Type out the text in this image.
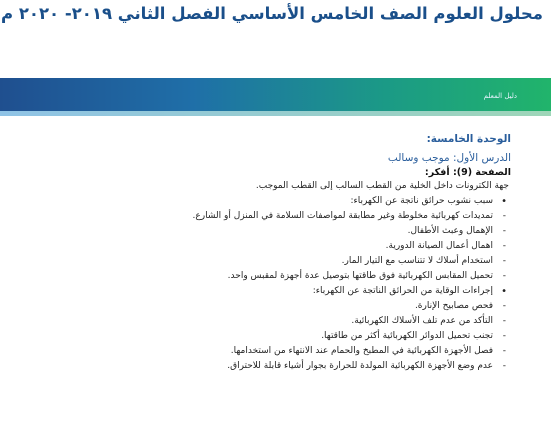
محلول العلوم الصف الخامس الأساسي الفصل الثاني ٢٠١٩- ٢٠٢٠ م
دليل المعلم
الوحدة الخامسة:
الدرس الأول: موجب وسالب
الصفحة (9): أفكر:
جهة الكترونات داخل الخلية من القطب السالب إلى القطب الموجب.
• سبب نشوب حرائق ناتجة عن الكهرباء:
- تمديدات كهربائية مخلوطة وغير مطابقة لمواصفات السلامة في المنزل أو الشارع.
- الإهمال وعبث الأطفال.
- اهمال أعمال الصيانة الدورية.
- استخدام أسلاك لا تتناسب مع التيار المار.
- تحميل المقابس الكهربائية فوق طاقتها بتوصيل عدة أجهزة لمقبس واحد.
• إجراءات الوقاية من الحرائق الناتجة عن الكهرباء:
- فحص مصابيح الإنارة.
- التأكد من عدم تلف الأسلاك الكهربائية.
- تجنب تحميل الدوائر الكهربائية أكثر من طاقتها.
- فصل الأجهزة الكهربائية في المطبخ والحمام عند الانتهاء من استخدامها.
- عدم وضع الأجهزة الكهربائية المولدة للحرارة بجوار أشياء قابلة للاحتراق.
